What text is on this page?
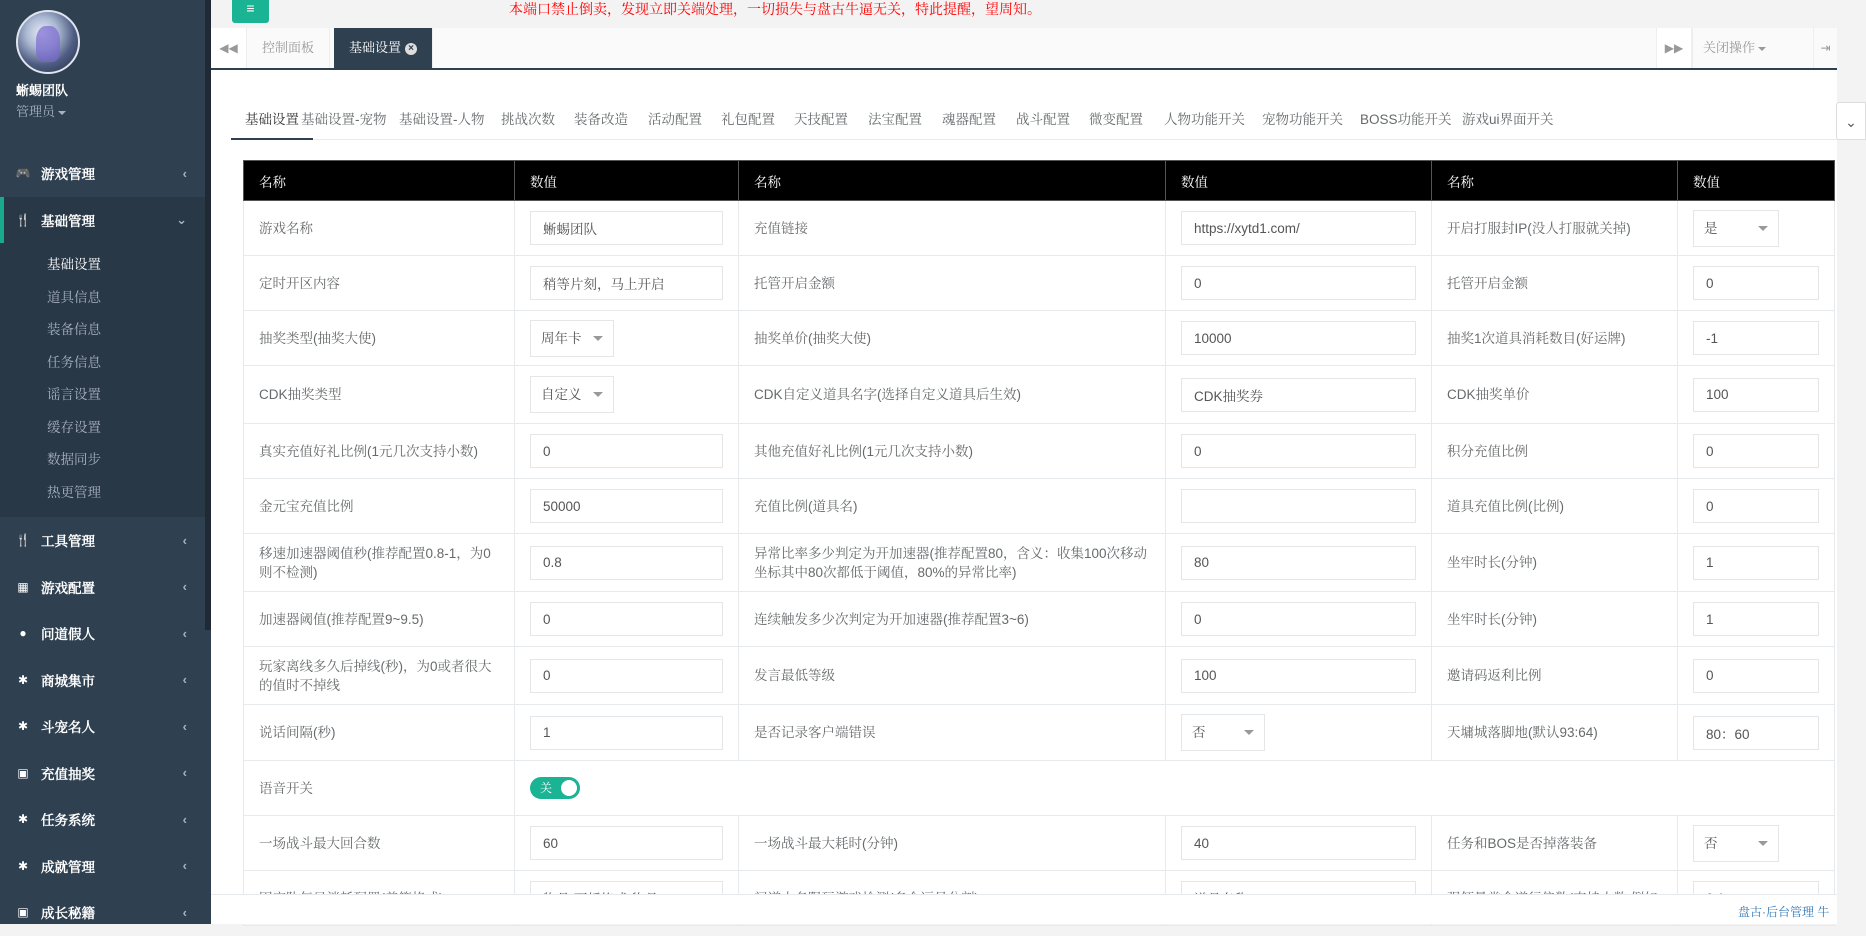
蜥蜴团队
管理员
🎮 游戏管理	‹
🍴 基础管理	⌄
基础设置
道具信息
装备信息
任务信息
谣言设置
缓存设置
数据同步
热更管理
🍴 工具管理	‹
▦ 游戏配置	‹
●	问道假人	‹
✱ 商城集市	‹
✱ 斗宠名人	‹
▣ 充值抽奖	‹
✱ 任务系统	‹
✱ 成就管理	‹
▣ 成长秘籍	‹
≡	本端口禁止倒卖，发现立即关端处理，一切损失与盘古牛逼无关，特此提醒，望周知。
◀◀	控制面板	基础设置 ×	▶▶	关闭操作	⇥
⌄
基础设置 基础设置-宠物 基础设置-人物 挑战次数 装备改造 活动配置 礼包配置 天技配置 法宝配置 魂器配置 战斗配置 微变配置 人物功能开关 宠物功能开关 BOSS功能开关 游戏ui界面开关
名称	数值	名称	数值	名称	数值
游戏名称	蜥蜴团队	充值链接	https://xytd1.com/	开启打服封IP(没人打服就关掉)	是

定时开区内容	稍等片刻，马上开启	托管开启金额	0	托管开启金额	0
抽奖类型(抽奖大使)	周年卡	抽奖单价(抽奖大使)	10000	抽奖1次道具消耗数目(好运牌)	-1
CDK抽奖类型	自定义	CDK自定义道具名字(选择自定义道具后生效)	CDK抽奖券	CDK抽奖单价	100
真实充值好礼比例(1元几次支持小数)	0	其他充值好礼比例(1元几次支持小数)	0	积分充值比例	0
金元宝充值比例	50000	充值比例(道具名)		道具充值比例(比例)	0
移速加速器阈值秒(推荐配置0.8-1，为0则不检测)	0.8	异常比率多少判定为开加速器(推荐配置80，含义：收集100次移动坐标其中80次都低于阈值，80%的异常比率)	80	坐牢时长(分钟)	1
加速器阈值(推荐配置9~9.5)	0	连续触发多少次判定为开加速器(推荐配置3~6)	0	坐牢时长(分钟)	1
玩家离线多久后掉线(秒)，为0或者很大的值时不掉线	0	发言最低等级	100	邀请码返利比例	0
说话间隔(秒)	1	是否记录客户端错误	否	天墉城落脚地(默认93:64)	80：60
语音开关	关				

一场战斗最大回合数	60	一场战斗最大耗时(分钟)	40	任务和BOS是否掉落装备	否

	物品 面板格式 物品 10		道具名称		0.1
盘古·后台管理 牛
